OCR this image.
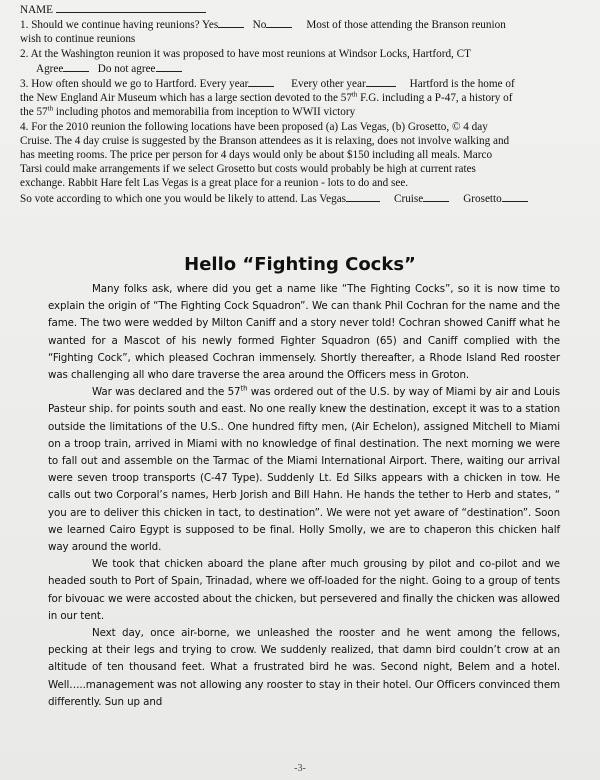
NAME
1. Should we continue having reunions? Yes	No	Most of those attending the Branson reunion
wish to continue reunions
2. At the Washington reunion it was proposed to have most reunions at Windsor Locks, Hartford, CT
Agree	Do not agree
3. How often should we go to Hartford. Every year	Every other year	Hartford is the home of
the New England Air Museum which has a large section devoted to the 57th F.G. including a P-47, a history of
the 57th including photos and memorabilia from inception to WWII victory
4. For the 2010 reunion the following locations have been proposed (a) Las Vegas, (b) Grosetto, © 4 day
Cruise. The 4 day cruise is suggested by the Branson attendees as it is relaxing, does not involve walking and
has meeting rooms. The price per person for 4 days would only be about $150 including all meals. Marco
Tarsi could make arrangements if we select Grosetto but costs would probably be high at current rates
exchange. Rabbit Hare felt Las Vegas is a great place for a reunion - lots to do and see.
So vote according to which one you would be likely to attend. Las Vegas	Cruise	Grosetto
Hello “Fighting Cocks”

Many folks ask, where did you get a name like “The Fighting Cocks”, so it is now time to explain the origin of “The Fighting Cock Squadron”. We can thank Phil Cochran for the name and the fame. The two were wedded by Milton Caniff and a story never told! Cochran showed Caniff what he wanted for a Mascot of his newly formed Fighter Squadron (65) and Caniff complied with the “Fighting Cock”, which pleased Cochran immensely. Shortly thereafter, a Rhode Island Red rooster was challenging all who dare traverse the area around the Officers mess in Groton.

War was declared and the 57th was ordered out of the U.S. by way of Miami by air and Louis Pasteur ship. for points south and east. No one really knew the destination, except it was to a station outside the limitations of the U.S.. One hundred fifty men, (Air Echelon), assigned Mitchell to Miami on a troop train, arrived in Miami with no knowledge of final destination. The next morning we were to fall out and assemble on the Tarmac of the Miami International Airport. There, waiting our arrival were seven troop transports (C-47 Type). Suddenly Lt. Ed Silks appears with a chicken in tow. He calls out two Corporal’s names, Herb Jorish and Bill Hahn. He hands the tether to Herb and states, “ you are to deliver this chicken in tact, to destination”. We were not yet aware of “destination”. Soon we learned Cairo Egypt is supposed to be final. Holly Smolly, we are to chaperon this chicken half way around the world.

We took that chicken aboard the plane after much grousing by pilot and co-pilot and we headed south to Port of Spain, Trinadad, where we off-loaded for the night. Going to a group of tents for bivouac we were accosted about the chicken, but persevered and finally the chicken was allowed in our tent.

Next day, once air-borne, we unleashed the rooster and he went among the fellows, pecking at their legs and trying to crow. We suddenly realized, that damn bird couldn’t crow at an altitude of ten thousand feet. What a frustrated bird he was. Second night, Belem and a hotel. Well…..management was not allowing any rooster to stay in their hotel. Our Officers convinced them differently. Sun up and

-3-
